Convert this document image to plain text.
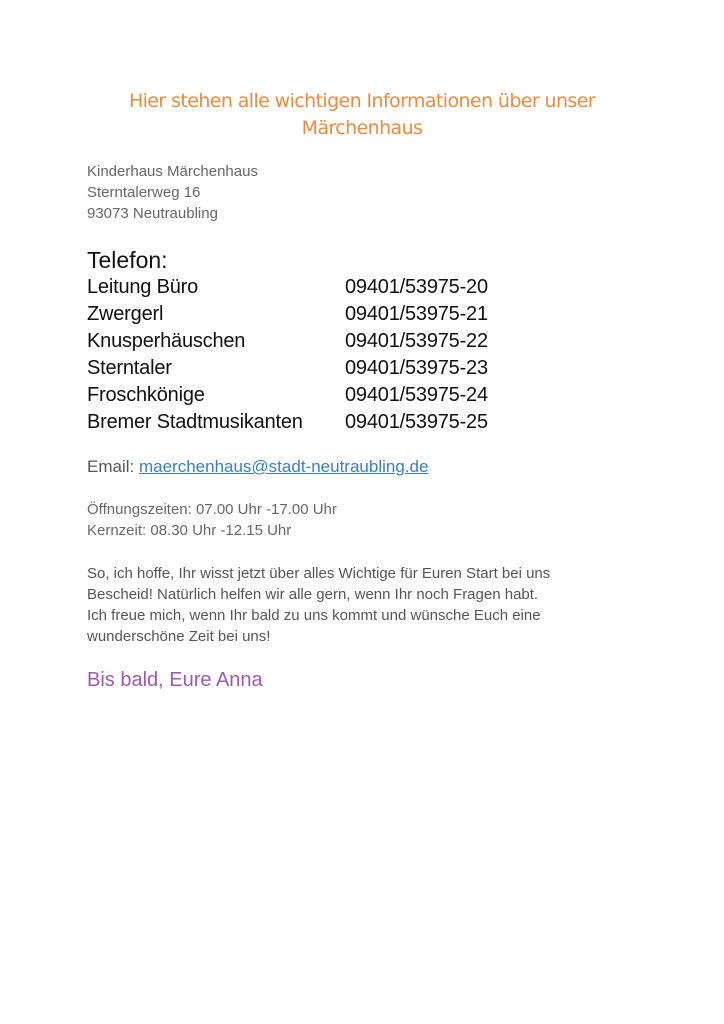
Hier stehen alle wichtigen Informationen über unser
Märchenhaus
Kinderhaus Märchenhaus
Sterntalerweg 16
93073 Neutraubling
Telefon:
Leitung Büro	09401/53975-20
Zwergerl	09401/53975-21
Knusperhäuschen	09401/53975-22
Sterntaler	09401/53975-23
Froschkönige	09401/53975-24
Bremer Stadtmusikanten	09401/53975-25
Email: maerchenhaus@stadt-neutraubling.de
Öffnungszeiten: 07.00 Uhr -17.00 Uhr
Kernzeit: 08.30 Uhr -12.15 Uhr
So, ich hoffe, Ihr wisst jetzt über alles Wichtige für Euren Start bei uns
Bescheid! Natürlich helfen wir alle gern, wenn Ihr noch Fragen habt.
Ich freue mich, wenn Ihr bald zu uns kommt und wünsche Euch eine
wunderschöne Zeit bei uns!
Bis bald, Eure Anna
